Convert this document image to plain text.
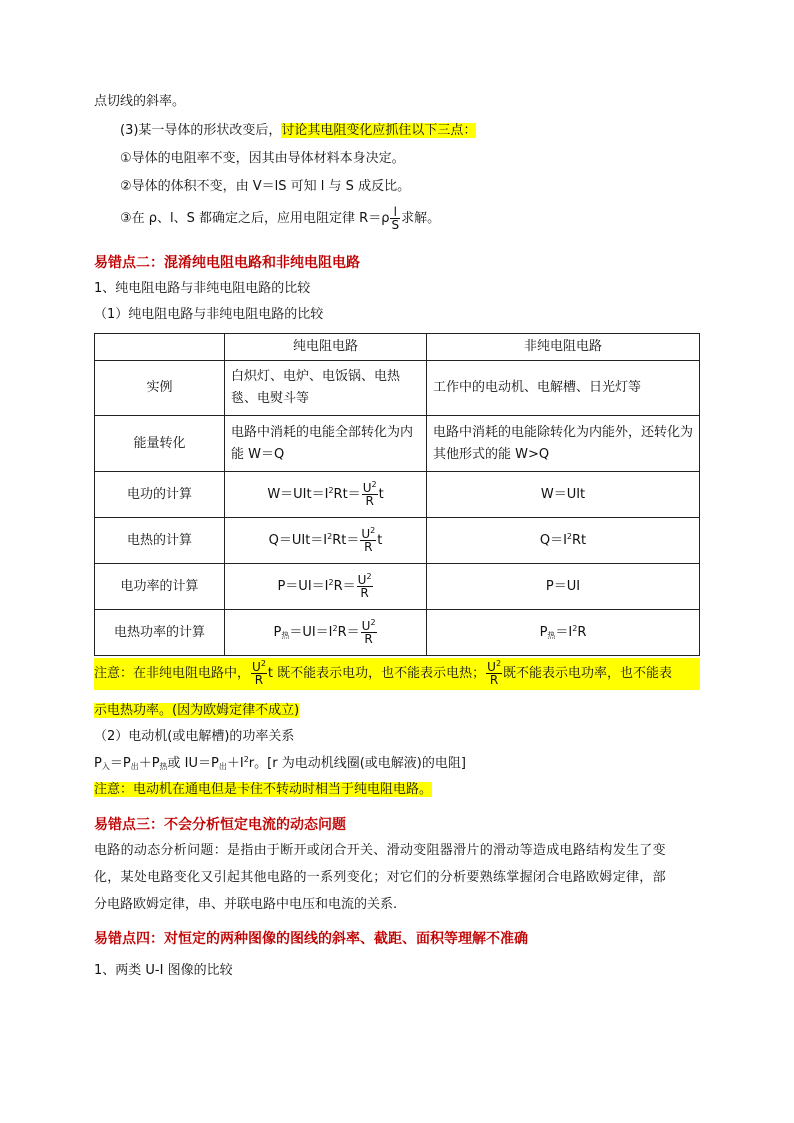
点切线的斜率。
(3)某一导体的形状改变后，讨论其电阻变化应抓住以下三点：
①导体的电阻率不变，因其由导体材料本身决定。
②导体的体积不变，由 V＝lS 可知 l 与 S 成反比。
③在 ρ、l、S 都确定之后，应用电阻定律 $R=\rho \frac{l}{S}$ 求解。
易错点二：混淆纯电阻电路和非纯电阻电路
1、纯电阻电路与非纯电阻电路的比较
（1）纯电阻电路与非纯电阻电路的比较
	纯电阻电路	非纯电阻电路
实例	白炽灯、电炉、电饭锅、电热毯、电熨斗等	工作中的电动机、电解槽、日光灯等
能量转化	电路中消耗的电能全部转化为内能 W＝Q	电路中消耗的电能除转化为内能外，还转化为其他形式的能 W>Q
电功的计算	$W=UIt=I^2Rt= \frac{U^2}{R}$ t	W＝UIt
电热的计算	$Q=UIt=I^2Rt= \frac{U^2}{R}$ t	$Q=I^2Rt$
电功率的计算	$P=UI=I^2R= \frac{U^2}{R}$	P＝UI
电热功率的计算	$P_热=UI=I^2R= \frac{U^2}{R}$	$P_热=I^2R$
注意：在非纯电阻电路中， $\frac{U^2}{R}$ t 既不能表示电功，也不能表示电热； $\frac{U^2}{R}$ 既不能表示电功率，也不能表
示电热功率。(因为欧姆定律不成立)
（2）电动机(或电解槽)的功率关系
$P_入=P_出+P_热$或 $IU=P_出+I^2r$。[r 为电动机线圈(或电解液)的电阻]
注意：电动机在通电但是卡住不转动时相当于纯电阻电路。
易错点三：不会分析恒定电流的动态问题
电路的动态分析问题：是指由于断开或闭合开关、滑动变阻器滑片的滑动等造成电路结构发生了变
化，某处电路变化又引起其他电路的一系列变化；对它们的分析要熟练掌握闭合电路欧姆定律，部
分电路欧姆定律，串、并联电路中电压和电流的关系.
易错点四：对恒定的两种图像的图线的斜率、截距、面积等理解不准确
1、两类 U-I 图像的比较
